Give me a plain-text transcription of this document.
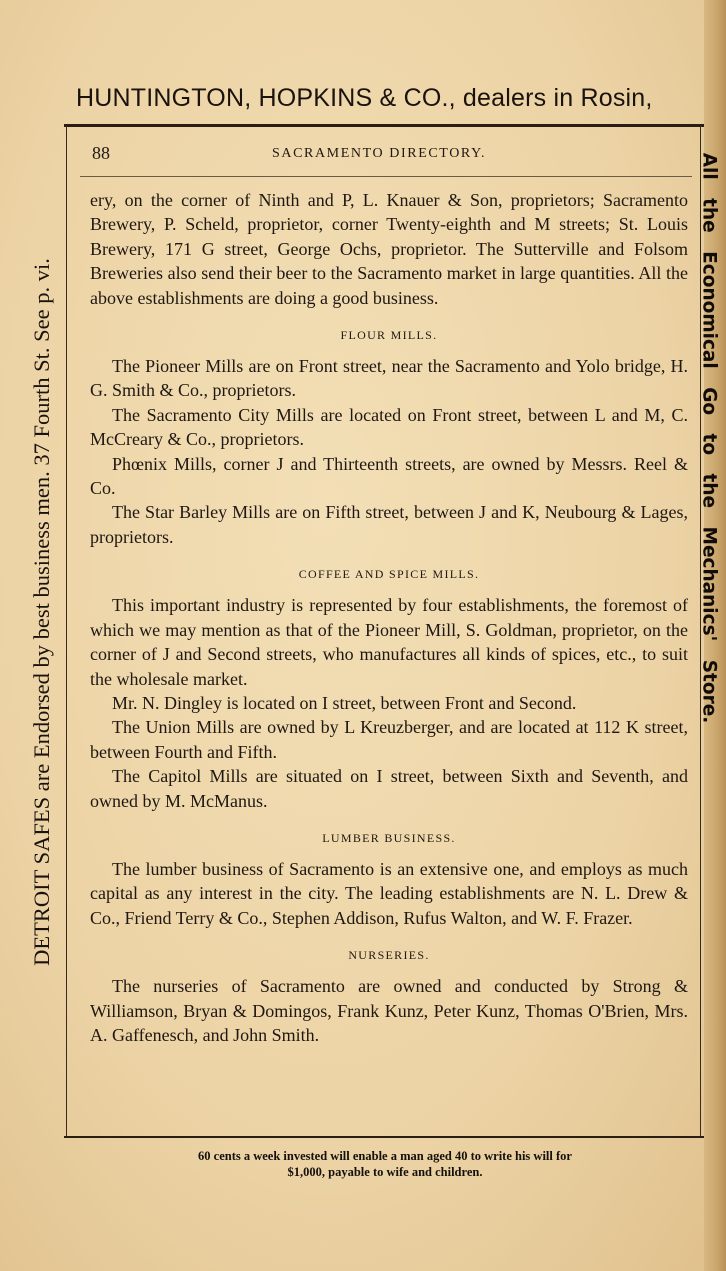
HUNTINGTON, HOPKINS & CO., dealers in Rosin,
88	SACRAMENTO DIRECTORY.
DETROIT SAFES are Endorsed by best business men. 37 Fourth St. See p. vi.	All the Economical Go to the Mechanics' Store.

ery, on the corner of Ninth and P, L. Knauer & Son, proprietors; Sacramento Brewery, P. Scheld, proprietor, corner Twenty-eighth and M streets; St. Louis Brewery, 171 G street, George Ochs, proprietor. The Sutterville and Folsom Breweries also send their beer to the Sacramento market in large quantities. All the above establishments are doing a good business.

FLOUR MILLS.

The Pioneer Mills are on Front street, near the Sacramento and Yolo bridge, H. G. Smith & Co., proprietors.

The Sacramento City Mills are located on Front street, between L and M, C. McCreary & Co., proprietors.

Phœnix Mills, corner J and Thirteenth streets, are owned by Messrs. Reel & Co.

The Star Barley Mills are on Fifth street, between J and K, Neubourg & Lages, proprietors.

COFFEE AND SPICE MILLS.

This important industry is represented by four establishments, the foremost of which we may mention as that of the Pioneer Mill, S. Goldman, proprietor, on the corner of J and Second streets, who manufactures all kinds of spices, etc., to suit the wholesale market.

Mr. N. Dingley is located on I street, between Front and Second.

The Union Mills are owned by L Kreuzberger, and are located at 112 K street, between Fourth and Fifth.

The Capitol Mills are situated on I street, between Sixth and Seventh, and owned by M. McManus.

LUMBER BUSINESS.

The lumber business of Sacramento is an extensive one, and employs as much capital as any interest in the city. The leading establishments are N. L. Drew & Co., Friend Terry & Co., Stephen Addison, Rufus Walton, and W. F. Frazer.

NURSERIES.

The nurseries of Sacramento are owned and conducted by Strong & Williamson, Bryan & Domingos, Frank Kunz, Peter Kunz, Thomas O'Brien, Mrs. A. Gaffenesch, and John Smith.

60 cents a week invested will enable a man aged 40 to write his will for
$1,000, payable to wife and children.
